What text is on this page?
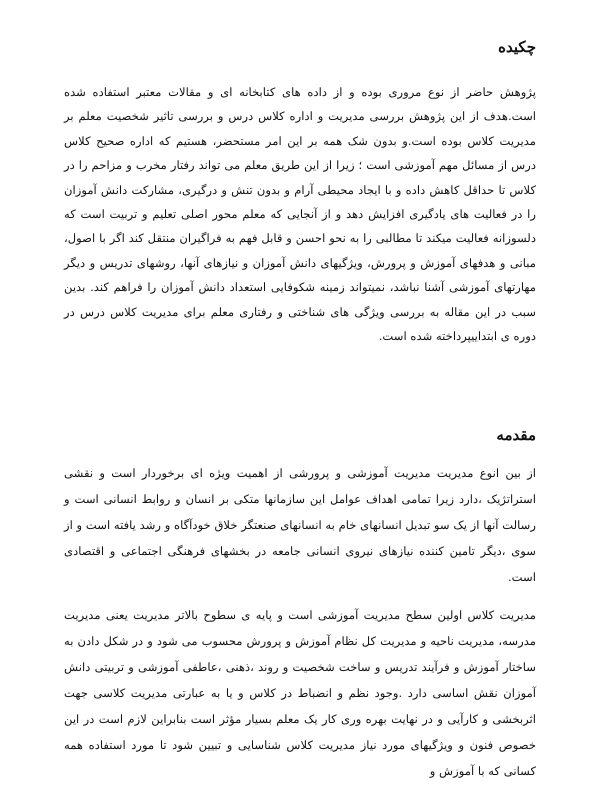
چکیده

پژوهش حاضر از نوع مروری بوده و از داده های کتابخانه ای و مقالات معتبر استفاده شده است.هدف از این پژوهش بررسی مدیریت و اداره کلاس درس و بررسی تاثیر شخصیت معلم بر مدیریت کلاس بوده است.و بدون شک همه بر این امر مستحضر، هستیم که اداره صحیح کلاس درس از مسائل مهم آموزشی است ؛ زیرا از این طریق معلم می تواند رفتار مخرب و مزاحم را در کلاس تا حداقل کاهش داده و با ایجاد محیطی آرام و بدون تنش و درگیری، مشارکت دانش آموزان را در فعالیت های یادگیری افزایش دهد و از آنجایی که معلم محور اصلی تعلیم و تربیت است که دلسوزانه فعالیت میکند تا مطالبی را به نحو احسن و قابل فهم به فراگیران منتقل کند اگر با اصول، مبانی و هدفهای آموزش و پرورش، ویژگیهای دانش آموزان و نیازهای آنها، روشهای تدریس و دیگر مهارتهای آموزشی آشنا نباشد، نمیتواند زمینه شکوفایی استعداد دانش آموزان را فراهم کند. بدین سبب در این مقاله به بررسی ویژگی های شناختی و رفتاری معلم برای مدیریت کلاس درس در دوره ی ابتداییپرداخته شده است.

مقدمه

از بین انوع مدیریت مدیریت آموزشی و پرورشی از اهمیت ویژه ای برخوردار است و نقشی استراتژیک ،دارد زیرا تمامی اهداف عوامل این سازمانها متکی بر انسان و روابط انسانی است و رسالت آنها از یک سو تبدیل انسانهای خام به انسانهای صنعتگر خلاق خودآگاه و رشد یافته است و از سوی ،دیگر تامین کننده نیازهای نیروی انسانی جامعه در بخشهای فرهنگی اجتماعی و اقتصادی است.

مدیریت کلاس اولین سطح مدیریت آموزشی است و پایه ی سطوح بالاتر مدیریت یعنی مدیریت مدرسه، مدیریت ناحیه و مدیریت کل نظام آموزش و پرورش محسوب می شود و در شکل دادن به ساختار آموزش و فرآیند تدریس و ساخت شخصیت و روند ،ذهنی ،عاطفی آموزشی و تربیتی دانش آموزان نقش اساسی دارد .وجود نظم و انضباط در کلاس و یا به عبارتی مدیریت کلاسی جهت اثربخشی و کارآیی و در نهایت بهره وری کار یک معلم بسیار مؤثر است بنابراین لازم است در این خصوص فنون و ویژگیهای مورد نیاز مدیریت کلاس شناسایی و تبیین شود تا مورد استفاده همه کسانی که با آموزش و
